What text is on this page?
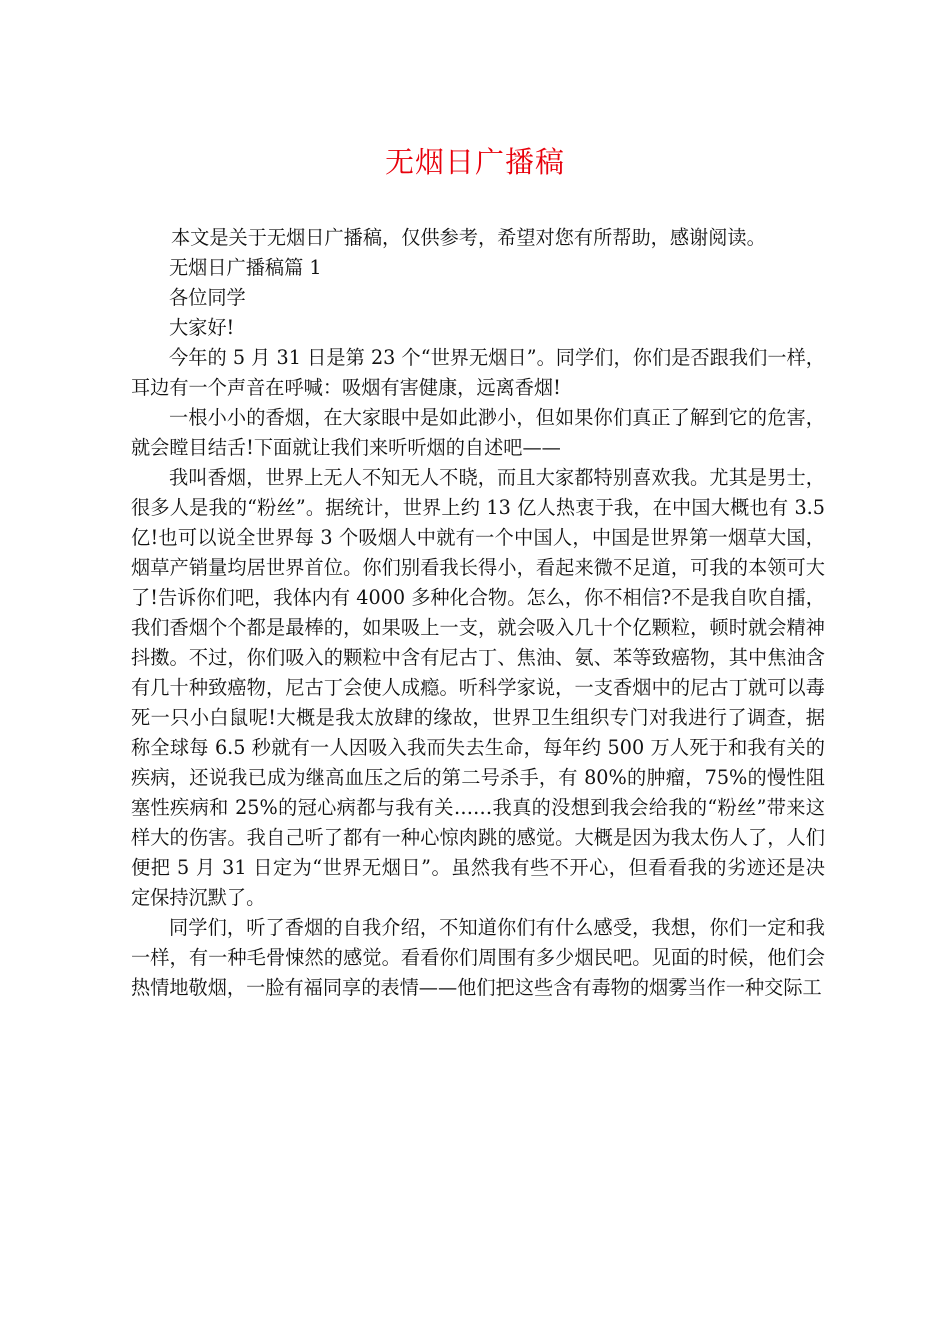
无烟日广播稿

本文是关于无烟日广播稿，仅供参考，希望对您有所帮助，感谢阅读。

无烟日广播稿篇 1

各位同学

大家好!

今年的 5 月 31 日是第 23 个“世界无烟日”。同学们，你们是否跟我们一样，耳边有一个声音在呼喊：吸烟有害健康，远离香烟!

一根小小的香烟，在大家眼中是如此渺小，但如果你们真正了解到它的危害，就会瞠目结舌!下面就让我们来听听烟的自述吧——

我叫香烟，世界上无人不知无人不晓，而且大家都特别喜欢我。尤其是男士，很多人是我的“粉丝”。据统计，世界上约 13 亿人热衷于我，在中国大概也有 3.5 亿!也可以说全世界每 3 个吸烟人中就有一个中国人，中国是世界第一烟草大国，烟草产销量均居世界首位。你们别看我长得小，看起来微不足道，可我的本领可大了!告诉你们吧，我体内有 4000 多种化合物。怎么，你不相信?不是我自吹自擂，我们香烟个个都是最棒的，如果吸上一支，就会吸入几十个亿颗粒，顿时就会精神抖擞。不过，你们吸入的颗粒中含有尼古丁、焦油、氨、苯等致癌物，其中焦油含有几十种致癌物，尼古丁会使人成瘾。听科学家说，一支香烟中的尼古丁就可以毒死一只小白鼠呢!大概是我太放肆的缘故，世界卫生组织专门对我进行了调查，据称全球每 6.5 秒就有一人因吸入我而失去生命，每年约 500 万人死于和我有关的疾病，还说我已成为继高血压之后的第二号杀手，有 80%的肿瘤，75%的慢性阻塞性疾病和 25%的冠心病都与我有关……我真的没想到我会给我的“粉丝”带来这样大的伤害。我自己听了都有一种心惊肉跳的感觉。大概是因为我太伤人了，人们便把 5 月 31 日定为“世界无烟日”。虽然我有些不开心，但看看我的劣迹还是决定保持沉默了。

同学们，听了香烟的自我介绍，不知道你们有什么感受，我想，你们一定和我一样，有一种毛骨悚然的感觉。看看你们周围有多少烟民吧。见面的时候，他们会热情地敬烟，一脸有福同享的表情——他们把这些含有毒物的烟雾当作一种交际工
